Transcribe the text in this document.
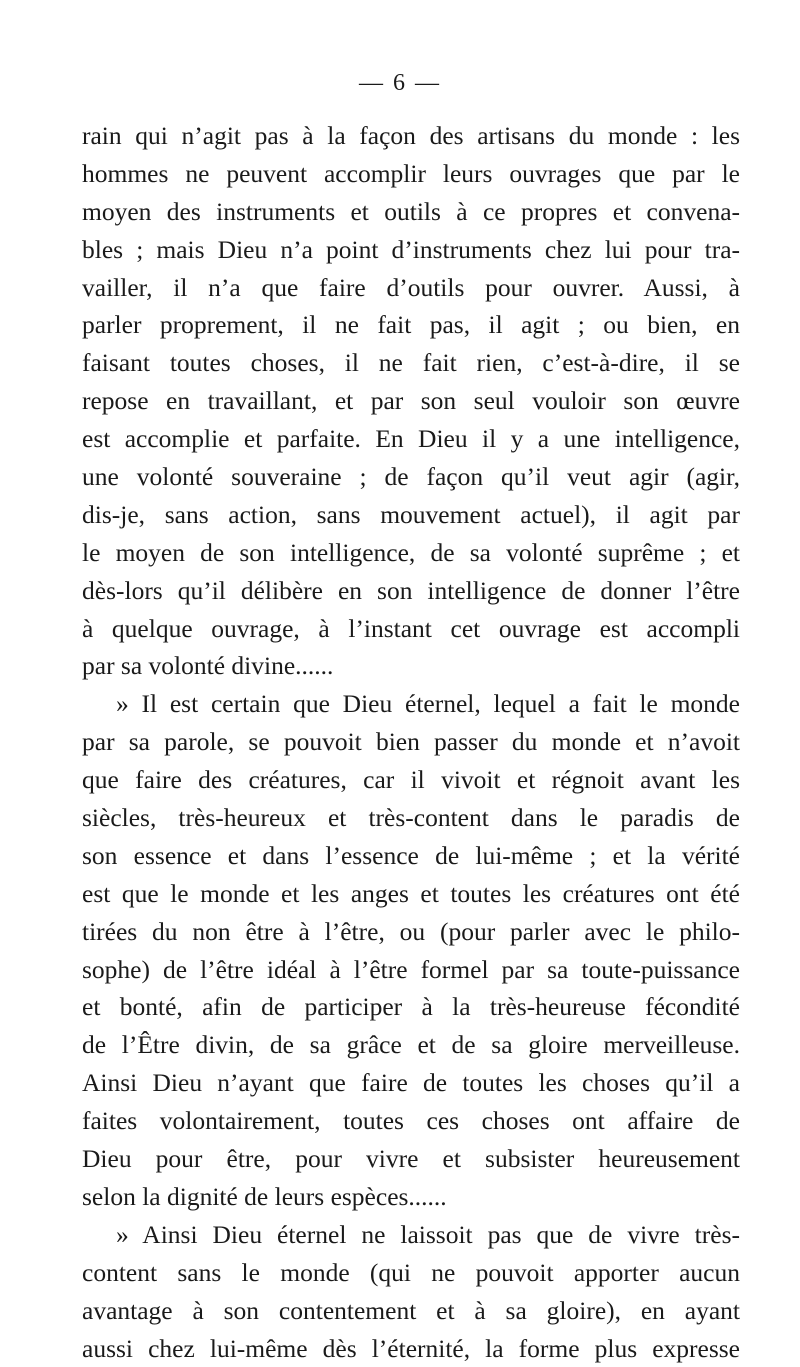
— 6 —
rain qui n’agit pas à la façon des artisans du monde : les
hommes ne peuvent accomplir leurs ouvrages que par le
moyen des instruments et outils à ce propres et convena-
bles ; mais Dieu n’a point d’instruments chez lui pour tra-
vailler, il n’a que faire d’outils pour ouvrer. Aussi, à
parler proprement, il ne fait pas, il agit ; ou bien, en
faisant toutes choses, il ne fait rien, c’est-à-dire, il se
repose en travaillant, et par son seul vouloir son œuvre
est accomplie et parfaite. En Dieu il y a une intelligence,
une volonté souveraine ; de façon qu’il veut agir (agir,
dis-je, sans action, sans mouvement actuel), il agit par
le moyen de son intelligence, de sa volonté suprême ; et
dès-lors qu’il délibère en son intelligence de donner l’être
à quelque ouvrage, à l’instant cet ouvrage est accompli
par sa volonté divine......
» Il est certain que Dieu éternel, lequel a fait le monde
par sa parole, se pouvoit bien passer du monde et n’avoit
que faire des créatures, car il vivoit et régnoit avant les
siècles, très-heureux et très-content dans le paradis de
son essence et dans l’essence de lui-même ; et la vérité
est que le monde et les anges et toutes les créatures ont été
tirées du non être à l’être, ou (pour parler avec le philo-
sophe) de l’être idéal à l’être formel par sa toute-puissance
et bonté, afin de participer à la très-heureuse fécondité
de l’Être divin, de sa grâce et de sa gloire merveilleuse.
Ainsi Dieu n’ayant que faire de toutes les choses qu’il a
faites volontairement, toutes ces choses ont affaire de
Dieu pour être, pour vivre et subsister heureusement
selon la dignité de leurs espèces......
» Ainsi Dieu éternel ne laissoit pas que de vivre très-
content sans le monde (qui ne pouvoit apporter aucun
avantage à son contentement et à sa gloire), en ayant
aussi chez lui-même dès l’éternité, la forme plus expresse
